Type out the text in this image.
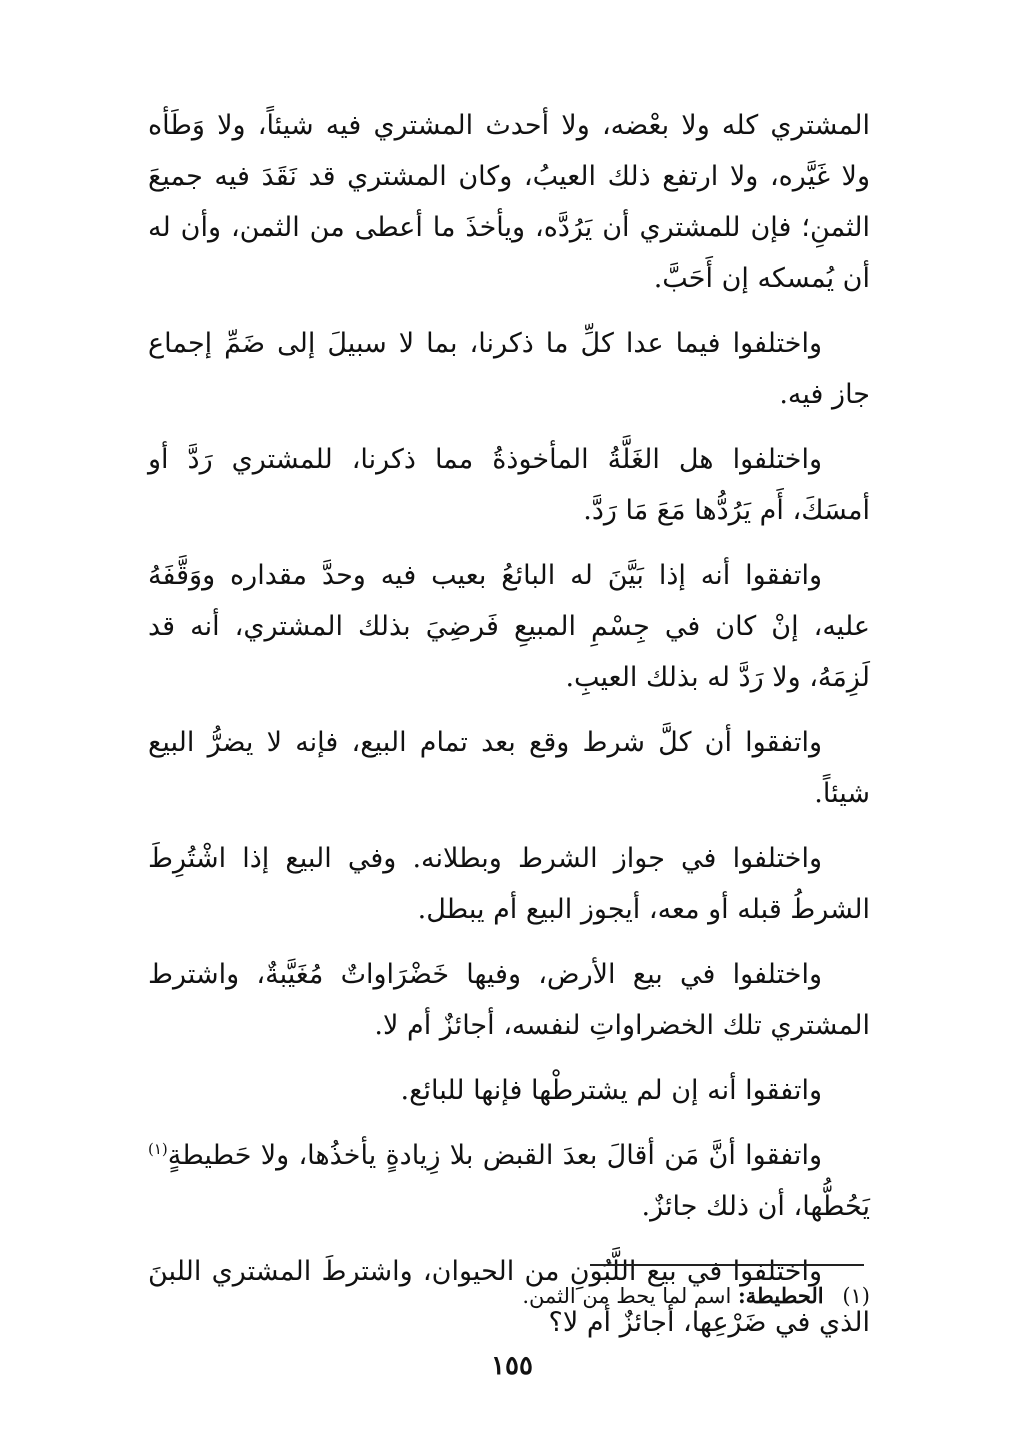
المشتري كله ولا بعْضه، ولا أحدث المشتري فيه شيئاً، ولا وَطَأه ولا غَيَّره، ولا ارتفع ذلك العيبُ، وكان المشتري قد نَقَدَ فيه جميعَ الثمنِ؛ فإن للمشتري أن يَرُدَّه، ويأخذَ ما أعطى من الثمن، وأن له أن يُمسكه إن أَحَبَّ.

واختلفوا فيما عدا كلِّ ما ذكرنا، بما لا سبيلَ إلى ضَمِّ إجماع جاز فيه.

واختلفوا هل الغَلَّةُ المأخوذةُ مما ذكرنا، للمشتري رَدَّ أو أمسَكَ، أَم يَرُدُّها مَعَ مَا رَدَّ.

واتفقوا أنه إذا بَيَّنَ له البائعُ بعيب فيه وحدَّ مقداره ووَقَّفَهُ عليه، إنْ كان في جِسْمِ المبيعِ فَرضِيَ بذلك المشتري، أنه قد لَزِمَهُ، ولا رَدَّ له بذلك العيبِ.

واتفقوا أن كلَّ شرط وقع بعد تمام البيع، فإنه لا يضرُّ البيع شيئاً.

واختلفوا في جواز الشرط وبطلانه. وفي البيع إذا اشْتُرِطَ الشرطُ قبله أو معه، أيجوز البيع أم يبطل.

واختلفوا في بيع الأرض، وفيها خَضْرَاواتٌ مُغَيَّبةٌ، واشترط المشتري تلك الخضراواتِ لنفسه، أجائزٌ أم لا.

واتفقوا أنه إن لم يشترطْها فإنها للبائع.

واتفقوا أنَّ مَن أقالَ بعدَ القبض بلا زِيادةٍ يأخذُها، ولا حَطيطةٍ$^{(١)}$ يَحُطُّها، أن ذلك جائزٌ.

واختلفوا في بيع اللَّبُونِ من الحيوان، واشترطَ المشتري اللبنَ الذي في ضَرْعِها، أجائزٌ أم لا؟

(١) الحطيطة: اسم لما يحط من الثمن.
١٥٥
